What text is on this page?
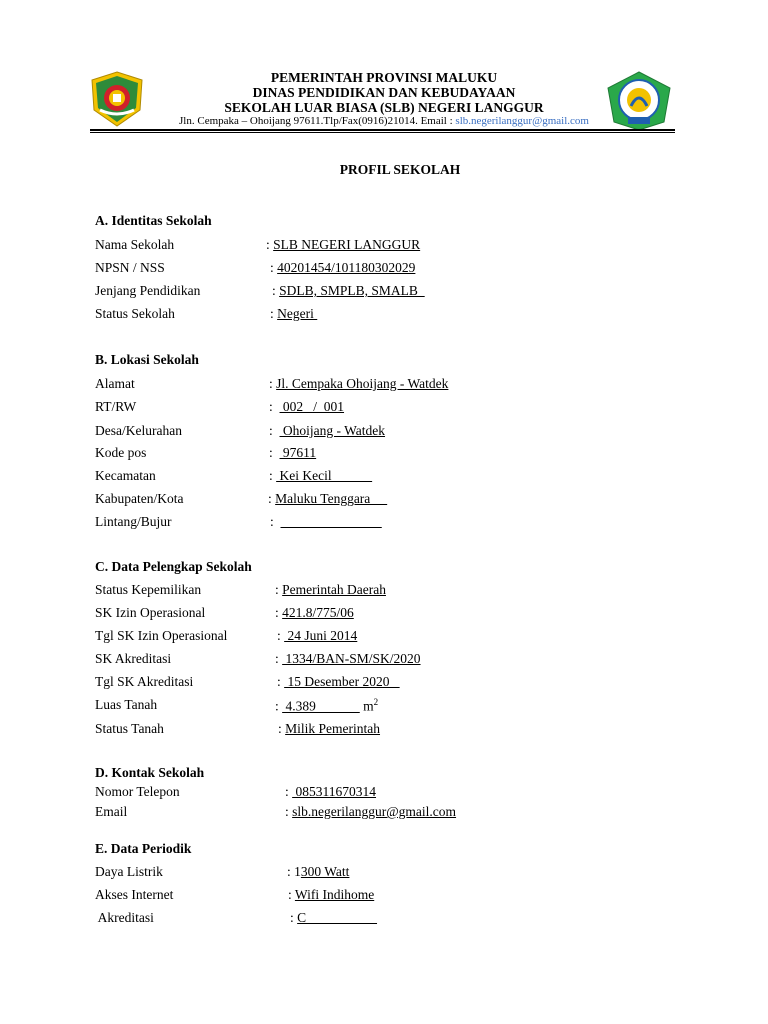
PEMERINTAH PROVINSI MALUKU
DINAS PENDIDIKAN DAN KEBUDAYAAN
SEKOLAH LUAR BIASA (SLB) NEGERI LANGGUR
Jln. Cempaka – Ohoijang 97611.Tlp/Fax(0916)21014. Email : slb.negerilanggur@gmail.com
PROFIL SEKOLAH
A. Identitas Sekolah
Nama Sekolah	: SLB NEGERI LANGGUR
NPSN / NSS	: 40201454/101180302029
Jenjang Pendidikan	: SDLB, SMPLB, SMALB
Status Sekolah	: Negeri
B. Lokasi Sekolah
Alamat	: Jl. Cempaka Ohoijang - Watdek
RT/RW	:   002   /  001
Desa/Kelurahan	:   Ohoijang - Watdek
Kode pos	:   97611
Kecamatan	:  Kei Kecil
Kabupaten/Kota	: Maluku Tenggara
Lintang/Bujur	:
C. Data Pelengkap Sekolah
Status Kepemilikan	: Pemerintah Daerah
SK Izin Operasional	: 421.8/775/06
Tgl SK Izin Operasional	:  24 Juni 2014
SK Akreditasi	:  1334/BAN-SM/SK/2020
Tgl SK Akreditasi	:  15 Desember 2020
Luas Tanah	:  4.389              $m^2$
Status Tanah	: Milik Pemerintah
D. Kontak Sekolah
Nomor Telepon	:  085311670314
Email	: slb.negerilanggur@gmail.com
E. Data Periodik
Daya Listrik	: 1300 Watt
Akses Internet	: Wifi Indihome
Akreditasi	: C
